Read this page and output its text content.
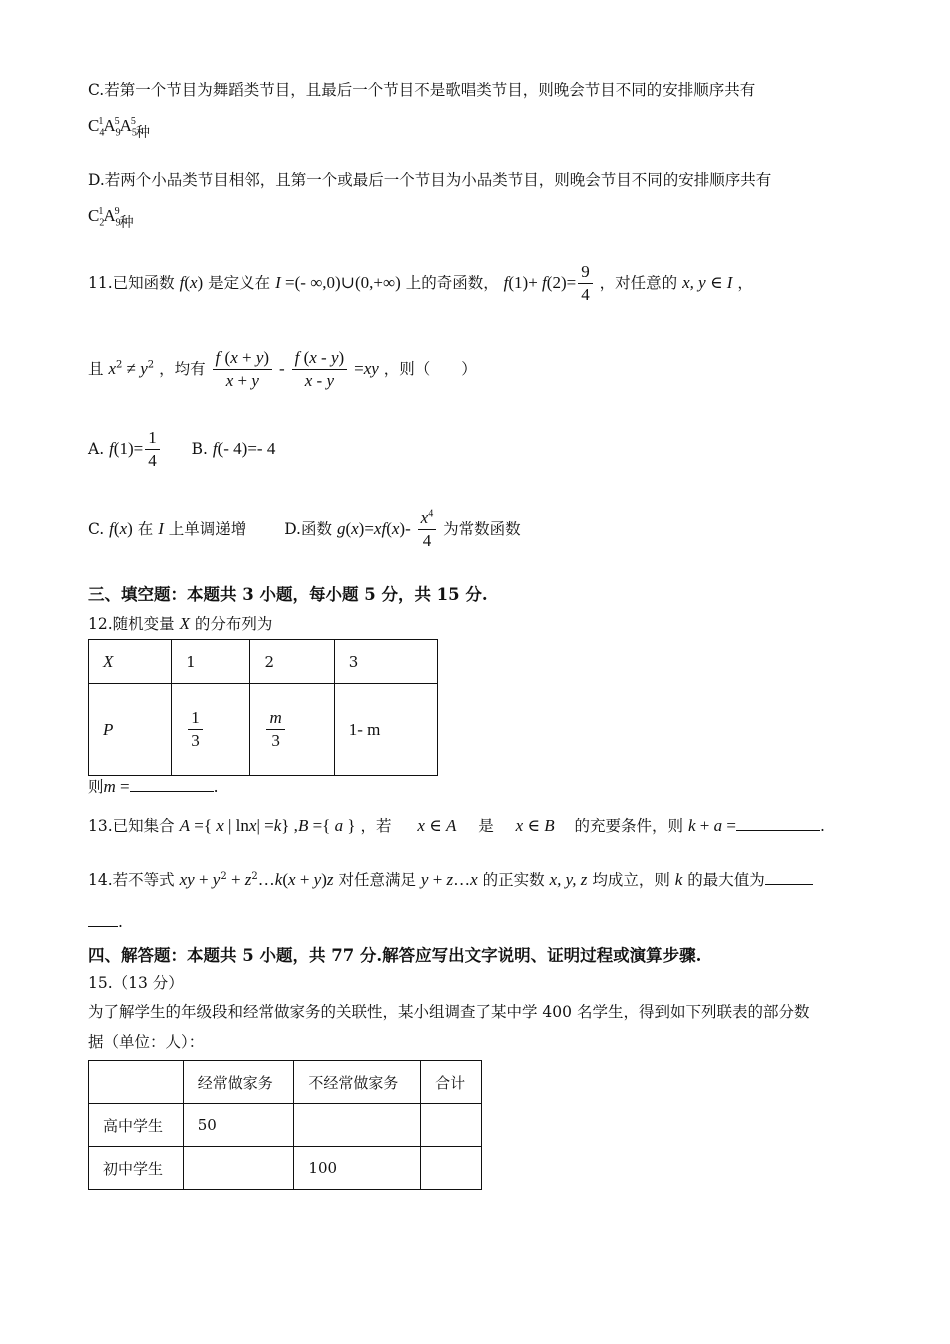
C.若第一个节目为舞蹈类节目，且最后一个节目不是歌唱类节目，则晚会节目不同的安排顺序共有
$C_4^1A_9^5A_5^5$种
D.若两个小品类节目相邻，且第一个或最后一个节目为小品类节目，则晚会节目不同的安排顺序共有
$C_2^1A_9^9$种
11.已知函数 f(x) 是定义在 I =(- ∞,0)∪(0,+∞) 上的奇函数， $f(1)+ f(2)= \frac{9}{4}$ ，对任意的 x, y ∈ I ，
且 $x^2 \ne y^2$ ，均有 $\frac{f (x + y)}{x + y} - \frac{f (x - y)}{x - y} =xy$ ，则（　　）
A. $f(1)= \frac{1}{4} B$. f(- 4)=- 4
C. f(x) 在 I 上单调递增 D.函数 $g(x)=xf(x)- \frac{x^4}{4}$ 为常数函数
三、填空题：本题共 3 小题，每小题 5 分，共 15 分.
12.随机变量 X 的分布列为
X	1	2	3
P	$\frac{1}{3}$	$\frac{m}{3}$	1- m
则m =	.
13.已知集合 A ={ x | lnx| =k} ,B ={ a } ，若 x ∈ A 是 x ∈ B 的充要条件，则 k + a =	.
14.若不等式 xy + $y^2$ + $z^2\dots k(x + y)z$ 对任意满足 y + z…x 的正实数 x, y, z 均成立，则 k 的最大值为
.
四、解答题：本题共 5 小题，共 77 分.解答应写出文字说明、证明过程或演算步骤.
15.（13 分）
为了解学生的年级段和经常做家务的关联性，某小组调查了某中学 400 名学生，得到如下列联表的部分数
据（单位：人）：
	经常做家务	不经常做家务	合计
高中学生	50		
初中学生		100	
